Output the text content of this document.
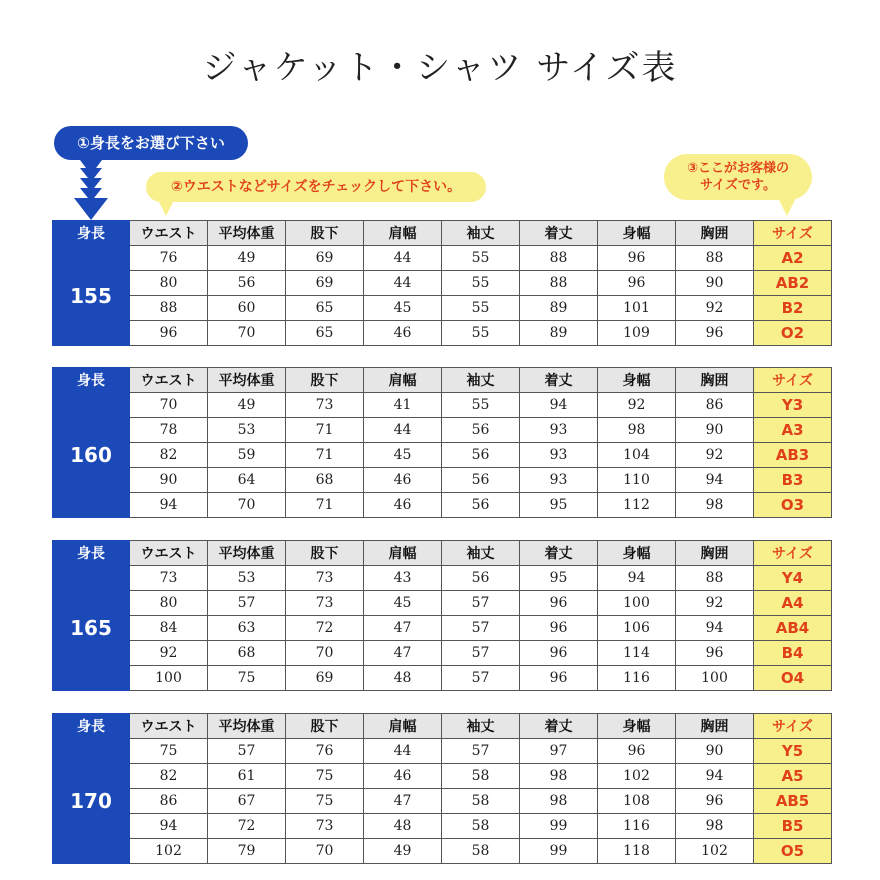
ジャケット・シャツ サイズ表
①身長をお選び下さい
②ウエストなどサイズをチェックして下さい。
③ここがお客様の
サイズです。
身長	ウエスト	平均体重	股下	肩幅	袖丈	着丈	身幅	胸囲	サイズ
155	76	49	69	44	55	88	96	88	A2
	80	56	69	44	55	88	96	90	AB2
	88	60	65	45	55	89	101	92	B2
	96	70	65	46	55	89	109	96	O2
身長	ウエスト	平均体重	股下	肩幅	袖丈	着丈	身幅	胸囲	サイズ
160	70	49	73	41	55	94	92	86	Y3
	78	53	71	44	56	93	98	90	A3
	82	59	71	45	56	93	104	92	AB3
	90	64	68	46	56	93	110	94	B3
	94	70	71	46	56	95	112	98	O3
身長	ウエスト	平均体重	股下	肩幅	袖丈	着丈	身幅	胸囲	サイズ
165	73	53	73	43	56	95	94	88	Y4
	80	57	73	45	57	96	100	92	A4
	84	63	72	47	57	96	106	94	AB4
	92	68	70	47	57	96	114	96	B4
	100	75	69	48	57	96	116	100	O4
身長	ウエスト	平均体重	股下	肩幅	袖丈	着丈	身幅	胸囲	サイズ
170	75	57	76	44	57	97	96	90	Y5
	82	61	75	46	58	98	102	94	A5
	86	67	75	47	58	98	108	96	AB5
	94	72	73	48	58	99	116	98	B5
	102	79	70	49	58	99	118	102	O5
